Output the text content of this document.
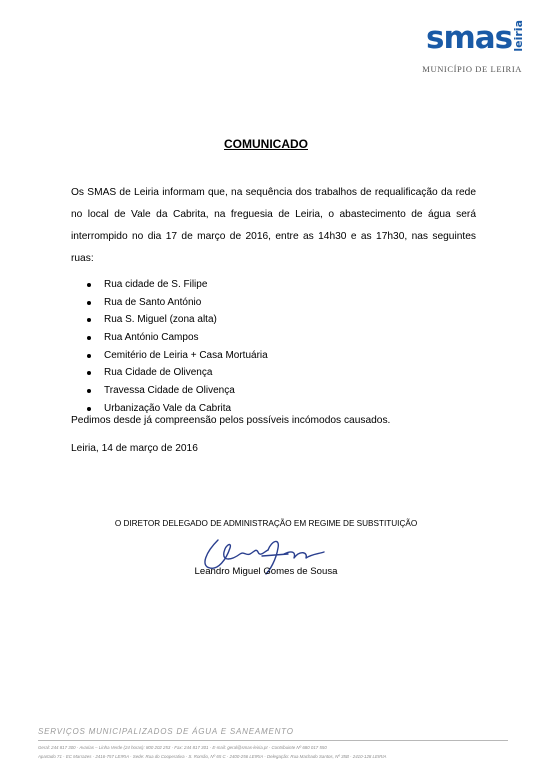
smas leiria
MUNICÍPIO DE LEIRIA
COMUNICADO
Os SMAS de Leiria informam que, na sequência dos trabalhos de requalificação da rede no local de Vale da Cabrita, na freguesia de Leiria, o abastecimento de água será interrompido no dia 17 de março de 2016, entre as 14h30 e as 17h30, nas seguintes ruas:
Rua cidade de S. Filipe
Rua de Santo António
Rua S. Miguel (zona alta)
Rua António Campos
Cemitério de Leiria + Casa Mortuária
Rua Cidade de Olivença
Travessa Cidade de Olivença
Urbanização Vale da Cabrita
Pedimos desde já compreensão pelos possíveis incómodos causados.
Leiria, 14 de março de 2016
O DIRETOR DELEGADO DE ADMINISTRAÇÃO EM REGIME DE SUBSTITUIÇÃO
Leandro Miguel Gomes de Sousa
SERVIÇOS MUNICIPALIZADOS DE ÁGUA E SANEAMENTO
Geral: 244 817 300 · Avarias – Linha Verde (24 horas): 800 202 253 · Fax: 244 817 301 · E-mail: geral@smas-leiria.pt · Contribuinte Nº 680 017 550
Apartado 71 · EC Marrazes · 2416-757 LEIRIA · Sede: Rua do Cooperativa · S. Romão, Nº 65 C · 2400-256 LEIRIA · Delegação: Rua Machado Santos, Nº 35B · 2410-128 LEIRIA
